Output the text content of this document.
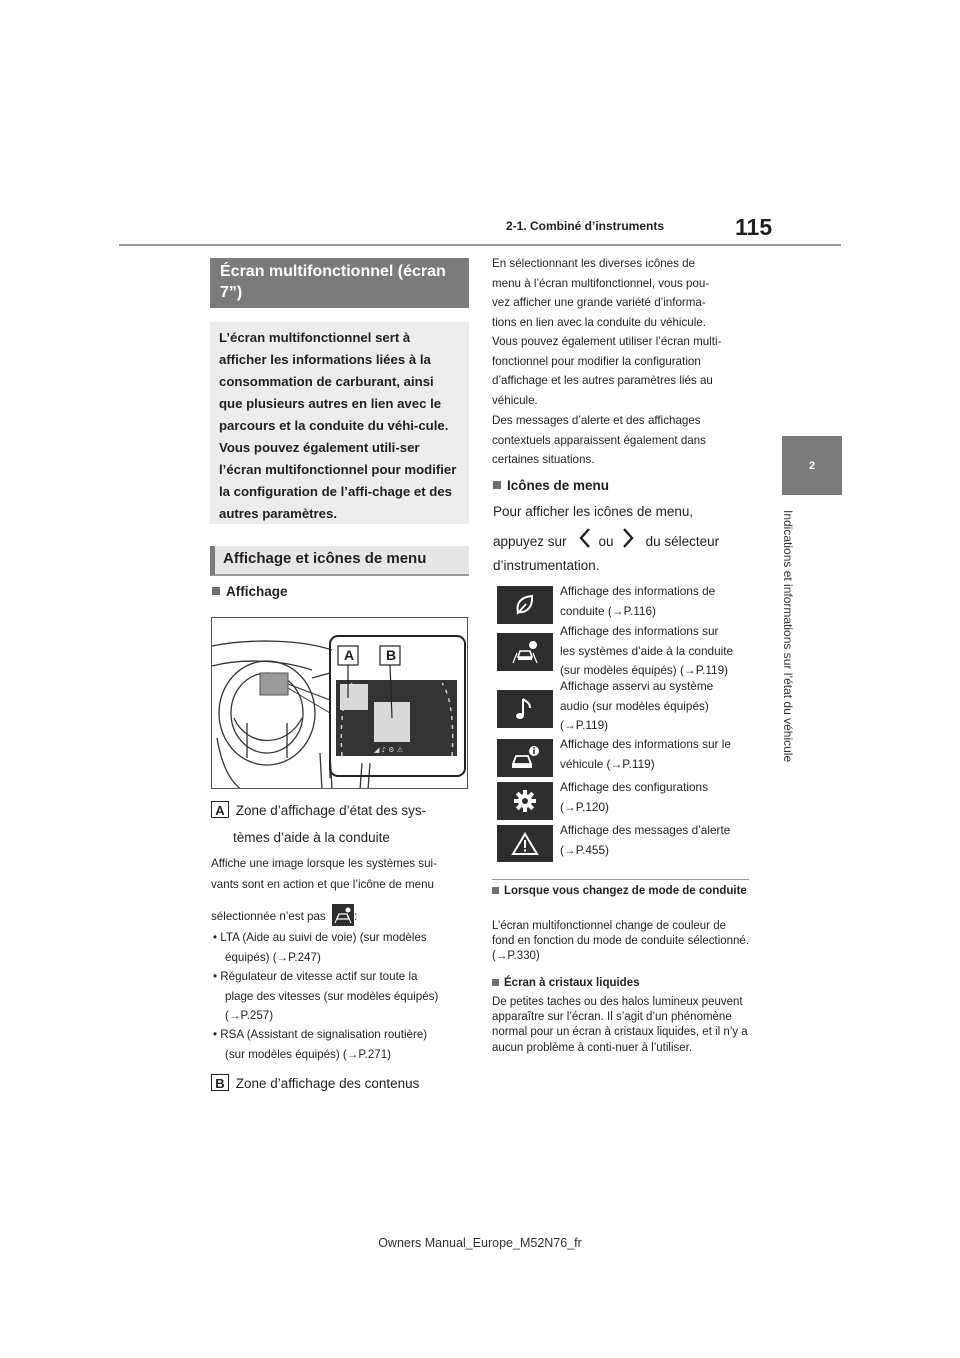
115
2-1. Combiné d’instruments
2
Indications et informations sur l’état du véhicule
Écran multifonctionnel (écran 7”)
L’écran multifonctionnel sert à afficher les informations liées à la consommation de carburant, ainsi que plusieurs autres en lien avec le parcours et la conduite du véhi-cule. Vous pouvez également utili-ser l’écran multifonctionnel pour modifier la configuration de l’affi-chage et des autres paramètres.
Affichage et icônes de menu
Affichage
◢ ♪ ⚙ ⚠
A	B
A Zone d’affichage d’état des sys-
tèmes d’aide à la conduite
Affiche une image lorsque les systèmes sui-
vants sont en action et que l’icône de menu
sélectionnée n’est pas :
• LTA (Aide au suivi de voie) (sur modèles
équipés) (→P.247)
• Régulateur de vitesse actif sur toute la
plage des vitesses (sur modèles équipés)
(→P.257)
• RSA (Assistant de signalisation routière)
(sur modèles équipés) (→P.271)
B Zone d’affichage des contenus
En sélectionnant les diverses icônes de
menu à l’écran multifonctionnel, vous pou-
vez afficher une grande variété d’informa-
tions en lien avec la conduite du véhicule.
Vous pouvez également utiliser l’écran multi-
fonctionnel pour modifier la configuration
d’affichage et les autres paramètres liés au
véhicule.
Des messages d’alerte et des affichages
contextuels apparaissent également dans
certaines situations.
Icônes de menu
Pour afficher les icônes de menu,
appuyez sur ou du sélecteur
d’instrumentation.
Affichage des informations de
conduite (→P.116)
Affichage des informations sur
les systèmes d’aide à la conduite
(sur modèles équipés) (→P.119)
Affichage asservi au système
audio (sur modèles équipés)
(→P.119)
Affichage des informations sur le
véhicule (→P.119)
Affichage des configurations
(→P.120)
Affichage des messages d’alerte
(→P.455)
Lorsque vous changez de mode de conduite
L’écran multifonctionnel change de couleur de fond en fonction du mode de conduite sélectionné. (→P.330)
Écran à cristaux liquides
De petites taches ou des halos lumineux peuvent apparaître sur l’écran. Il s’agit d’un phénomène normal pour un écran à cristaux liquides, et il n’y a aucun problème à conti-nuer à l’utiliser.
Owners Manual_Europe_M52N76_fr
